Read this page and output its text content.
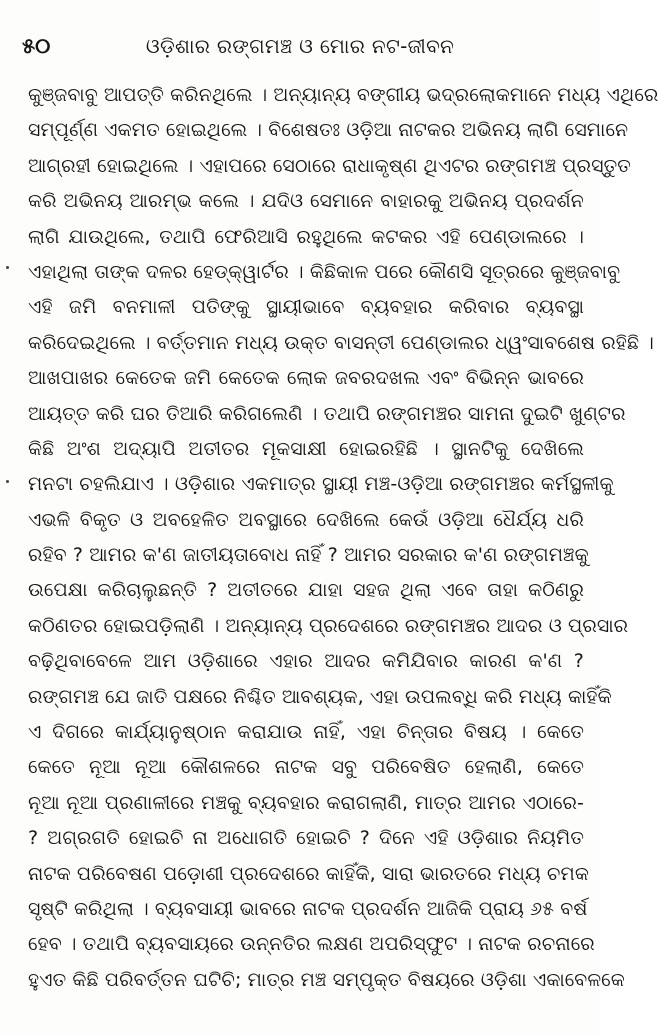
୫୦	ଓଡ଼ିଶାର ରଙ୍ଗମଞ୍ଚ ଓ ମୋର ନଟ-ଜୀବନ
କୁଞ୍ଜବାବୁ ଆପତ୍ତି କରିନଥିଲେ । ଅନ୍ୟାନ୍ୟ ବଙ୍ଗୀୟ ଭଦ୍ରଲୋକମାନେ ମଧ୍ୟ ଏଥିରେ
ସମ୍ପୂର୍ଣ୍ଣ ଏକମତ ହୋଇଥିଲେ । ବିଶେଷତଃ ଓଡ଼ିଆ ନାଟକର ଅଭିନୟ ଲାଗି ସେମାନେ
ଆଗ୍ରହୀ ହୋଇଥିଲେ । ଏହାପରେ ସେଠାରେ ରାଧାକୃଷ୍ଣ ଥିଏଟର ରଙ୍ଗମଞ୍ଚ ପ୍ରସ୍ତୁତ
କରି ଅଭିନୟ ଆରମ୍ଭ କଲେ । ଯଦିଓ ସେମାନେ ବାହାରକୁ ଅଭିନୟ ପ୍ରଦର୍ଶନ
ଲାଗି ଯାଉଥିଲେ, ତଥାପି ଫେରିଆସି ରହୁଥିଲେ କଟକର ଏହି ପେଣ୍ଡାଲରେ ।
ଏହାଥିଲା ତାଙ୍କ ଦଳର ହେଡ୍‌କ୍ୱାର୍ଟର । କିଛିକାଳ ପରେ କୌଣସି ସୂତ୍ରରେ କୁଞ୍ଜବାବୁ
ଏହି ଜମି ବନମାଳୀ ପତିଙ୍କୁ ସ୍ଥାୟୀଭାବେ ବ୍ୟବହାର କରିବାର ବ୍ୟବସ୍ଥା
କରିଦେଇଥିଲେ । ବର୍ତ୍ତମାନ ମଧ୍ୟ ଉକ୍ତ ବାସନ୍ତୀ ପେଣ୍ଡାଲର ଧ୍ୱଂସାବଶେଷ ରହିଛି ।
ଆଖପାଖର କେତେକ ଜମି କେତେକ ଲୋକ ଜବରଦଖଲ ଏବଂ ବିଭିନ୍ନ ଭାବରେ
ଆୟତ୍ତ କରି ଘର ତିଆରି କରିଗଲେଣି । ତଥାପି ରଙ୍ଗମଞ୍ଚର ସାମନା ଦୁଇଟି ଖୁଣ୍ଟର
କିଛି ଅଂଶ ଅଦ୍ୟାପି ଅତୀତର ମୂକସାକ୍ଷୀ ହୋଇରହିଛି । ସ୍ଥାନଟିକୁ ଦେଖିଲେ
ମନଟା ଚହଲିଯାଏ । ଓଡ଼ିଶାର ଏକମାତ୍ର ସ୍ଥାୟୀ ମଞ୍ଚ-ଓଡ଼ିଆ ରଙ୍ଗମଞ୍ଚର କର୍ମସ୍ଥଳୀକୁ
ଏଭଳି ବିକୃତ ଓ ଅବହେଳିତ ଅବସ୍ଥାରେ ଦେଖିଲେ କେଉଁ ଓଡ଼ିଆ ଧୈର୍ଯ୍ୟ ଧରି
ରହିବ ? ଆମର କ'ଣ ଜାତୀୟତାବୋଧ ନାହିଁ ? ଆମର ସରକାର କ'ଣ ରଙ୍ଗମଞ୍ଚକୁ
ଉପେକ୍ଷା କରିଚାଲୁଛନ୍ତି ? ଅତୀତରେ ଯାହା ସହଜ ଥିଲା ଏବେ ତାହା କଠିଣରୁ
କଠିଣତର ହୋଇପଡ଼ିଲାଣି । ଅନ୍ୟାନ୍ୟ ପ୍ରଦେଶରେ ରଙ୍ଗମଞ୍ଚର ଆଦର ଓ ପ୍ରସାର
ବଢ଼ିଥିବାବେଳେ ଆମ ଓଡ଼ିଶାରେ ଏହାର ଆଦର କମିଯିବାର କାରଣ କ'ଣ ?
ରଙ୍ଗମଞ୍ଚ ଯେ ଜାତି ପକ୍ଷରେ ନିଶ୍ଚିତ ଆବଶ୍ୟକ, ଏହା ଉପଲବ୍ଧି କରି ମଧ୍ୟ କାହିଁକି
ଏ ଦିଗରେ କାର୍ଯ୍ୟାନୁଷ୍ଠାନ କରାଯାଉ ନାହିଁ, ଏହା ଚିନ୍ତାର ବିଷୟ । କେତେ
କେତେ ନୂଆ ନୂଆ କୌଶଳରେ ନାଟକ ସବୁ ପରିବେଷିତ ହେଲାଣି, କେତେ
ନୂଆ ନୂଆ ପ୍ରଣାଳୀରେ ମଞ୍ଚକୁ ବ୍ୟବହାର କରାଗଲାଣି, ମାତ୍ର ଆମର ଏଠାରେ-
? ଅଗ୍ରଗତି ହୋଇଚି ନା ଅଧୋଗତି ହୋଇଚି ? ଦିନେ ଏହି ଓଡ଼ିଶାର ନିୟମିତ
ନାଟକ ପରିବେଷଣ ପଡ଼ୋଶୀ ପ୍ରଦେଶରେ କାହିଁକି, ସାରା ଭାରତରେ ମଧ୍ୟ ଚମକ
ସୃଷ୍ଟି କରିଥିଲା । ବ୍ୟବସାୟୀ ଭାବରେ ନାଟକ ପ୍ରଦର୍ଶନ ଆଜିକି ପ୍ରାୟ ୬୫ ବର୍ଷ
ହେବ । ତଥାପି ବ୍ୟବସାୟରେ ଉନ୍ନତିର ଲକ୍ଷଣ ଅପରିସ୍ଫୁଟ । ନାଟକ ରଚନାରେ
ହୁଏତ କିଛି ପରିବର୍ତ୍ତନ ଘଟିଚି; ମାତ୍ର ମଞ୍ଚ ସମ୍ପୃକ୍ତ ବିଷୟରେ ଓଡ଼ିଶା ଏକାବେଳକେ
